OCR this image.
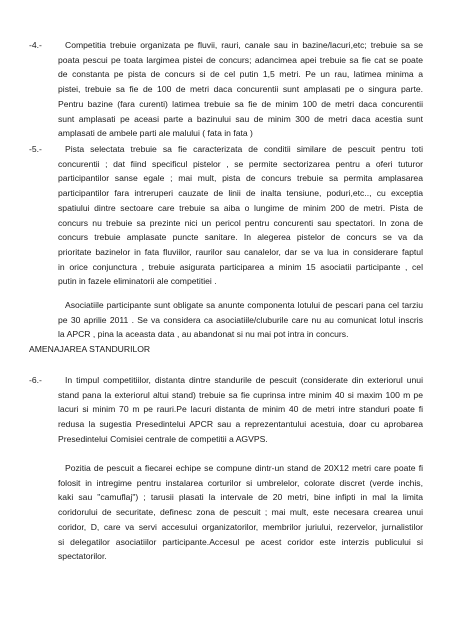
-4.-	Competitia trebuie organizata pe fluvii, rauri, canale sau in bazine/lacuri,etc; trebuie sa se
poata pescui pe toata largimea pistei de concurs; adancimea apei trebuie sa fie cat se poate
de constanta pe pista de concurs si de cel putin 1,5 metri. Pe un rau, latimea minima a
pistei, trebuie sa fie de 100 de metri daca concurentii sunt amplasati pe o singura parte.
Pentru bazine (fara curenti) latimea trebuie sa fie de minim 100 de metri daca concurentii
sunt amplasati pe aceasi parte a bazinului sau de minim 300 de metri daca acestia sunt
amplasati de ambele parti ale malului ( fata in fata )
-5.-	Pista selectata trebuie sa fie caracterizata de conditii similare de pescuit pentru toti
concurentii ; dat fiind specificul pistelor , se permite sectorizarea pentru a oferi tuturor
participantilor sanse egale ; mai mult, pista de concurs trebuie sa permita amplasarea
participantilor fara intreruperi cauzate de linii de inalta tensiune, poduri,etc.., cu exceptia
spatiului dintre sectoare care trebuie sa aiba o lungime de minim 200 de metri. Pista de
concurs nu trebuie sa prezinte nici un pericol pentru concurenti sau spectatori. In zona de
concurs trebuie amplasate puncte sanitare. In alegerea pistelor de concurs se va da
prioritate bazinelor in fata fluviilor, raurilor sau canalelor, dar se va lua in considerare faptul
in orice conjunctura , trebuie asigurata participarea a minim 15 asociatii participante , cel
putin in fazele eliminatorii ale competitiei .
Asociatiile participante sunt obligate sa anunte componenta lotului de pescari pana cel tarziu
pe 30 aprilie 2011 . Se va considera ca asociatiile/cluburile care nu au comunicat lotul inscris
la APCR , pina la aceasta data , au abandonat si nu mai pot intra in concurs.
AMENAJAREA STANDURILOR
-6.-	In timpul competitiilor, distanta dintre standurile de pescuit (considerate din exteriorul unui
stand pana la exteriorul altui stand) trebuie sa fie cuprinsa intre minim 40 si maxim 100 m pe
lacuri si minim 70 m pe rauri.Pe lacuri distanta de minim 40 de metri intre standuri poate fi
redusa la sugestia Presedintelui APCR sau a reprezentantului acestuia, doar cu aprobarea
Presedintelui Comisiei centrale de competitii a AGVPS.
Pozitia de pescuit a fiecarei echipe se compune dintr-un stand de 20X12 metri care poate fi
folosit in intregime pentru instalarea corturilor si umbrelelor, colorate discret (verde inchis,
kaki sau "camuflaj") ; tarusii plasati la intervale de 20 metri, bine infipti in mal la limita
coridorului de securitate, definesc zona de pescuit ; mai mult, este necesara crearea unui
coridor, D, care va servi accesului organizatorilor, membrilor juriului, rezervelor, jurnalistilor
si delegatilor asociatiilor participante.Accesul pe acest coridor este interzis publicului si
spectatorilor.
